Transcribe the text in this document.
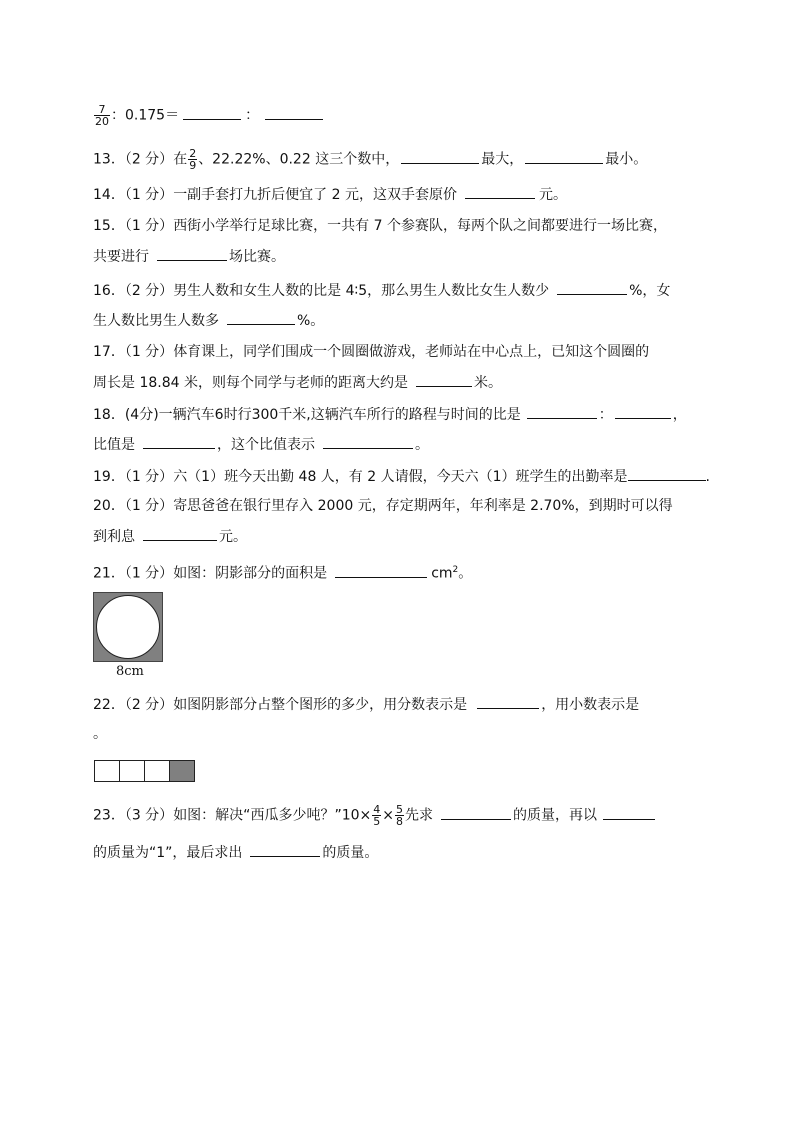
$\frac{7}{20}$ ：0.175＝	：
13．（2 分）在 $\frac{2}{9}$ 、22.22%、0.22 这三个数中，	最大，	最小。
14．（1 分）一副手套打九折后便宜了 2 元，这双手套原价	元。
15．（1 分）西街小学举行足球比赛，一共有 7 个参赛队，每两个队之间都要进行一场比赛，
共要进行	场比赛。
16．（2 分）男生人数和女生人数的比是 4∶5，那么男生人数比女生人数少	%，女
生人数比男生人数多	%。
17．（1 分）体育课上，同学们围成一个圆圈做游戏，老师站在中心点上，已知这个圆圈的
周长是 18.84 米，则每个同学与老师的距离大约是	米。
18．(4分)一辆汽车6时行300千米,这辆汽车所行的路程与时间的比是	：	，
比值是	，这个比值表示	。
19．（1 分）六（1）班今天出勤 48 人，有 2 人请假，今天六（1）班学生的出勤率是	.
20．（1 分）寄思爸爸在银行里存入 2000 元，存定期两年，年利率是 2.70%，到期时可以得
到利息	元。
21．（1 分）如图：阴影部分的面积是	$cm^2$。
8cm
22．（2 分）如图阴影部分占整个图形的多少，用分数表示是	，用小数表示是
。
23．（3 分）如图：解决“西瓜多少吨？”10× $\frac{4}{5} \times \frac{5}{8}$ 先求	的质量，再以
的质量为“1”，最后求出	的质量。
